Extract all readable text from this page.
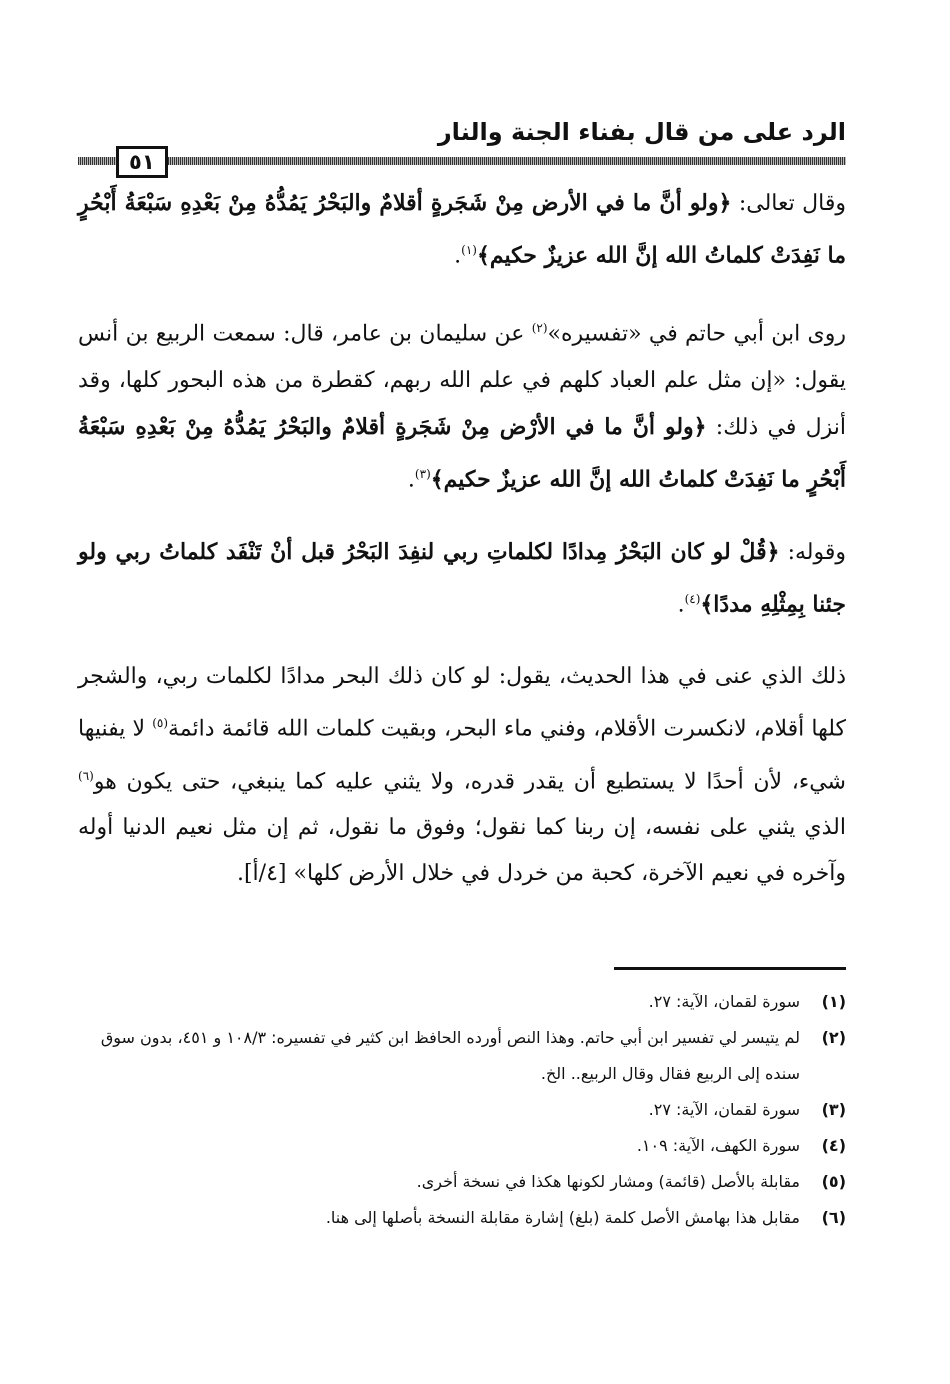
الرد على من قال بفناء الجنة والنار
٥١

وقال تعالى: ﴿ولو أنَّ ما في الأرض مِنْ شَجَرةٍ أقلامٌ والبَحْرُ يَمُدُّهُ مِنْ بَعْدِهِ سَبْعَةُ أَبْحُرٍ ما نَفِدَتْ كلماتُ الله إنَّ الله عزيزٌ حكيم﴾$^{(١)}$.

روى ابن أبي حاتم في «تفسيره»$^{(٢)}$ عن سليمان بن عامر، قال: سمعت الربيع بن أنس يقول: «إن مثل علم العباد كلهم في علم الله ربهم، كقطرة من هذه البحور كلها، وقد أنزل في ذلك: ﴿ولو أنَّ ما في الأرْض مِنْ شَجَرةٍ أقلامٌ والبَحْرُ يَمُدُّهُ مِنْ بَعْدِهِ سَبْعَةُ أَبْحُرٍ ما نَفِدَتْ كلماتُ الله إنَّ الله عزيزٌ حكيم﴾$^{(٣)}$.

وقوله: ﴿قُلْ لو كان البَحْرُ مِدادًا لكلماتِ ربي لنفِدَ البَحْرُ قبل أنْ تَنْفَد كلماتُ ربي ولو جئنا بِمِثْلِهِ مددًا﴾$^{(٤)}$.

ذلك الذي عنى في هذا الحديث، يقول: لو كان ذلك البحر مدادًا لكلمات ربي، والشجر كلها أقلام، لانكسرت الأقلام، وفني ماء البحر، وبقيت كلمات الله قائمة دائمة$^{(٥)}$ لا يفنيها شيء، لأن أحدًا لا يستطيع أن يقدر قدره، ولا يثني عليه كما ينبغي، حتى يكون هو$^{(٦)}$ الذي يثني على نفسه، إن ربنا كما نقول؛ وفوق ما نقول، ثم إن مثل نعيم الدنيا أوله وآخره في نعيم الآخرة، كحبة من خردل في خلال الأرض كلها» [٤/أ].

(١)
سورة لقمان، الآية: ٢٧.
(٢)
لم يتيسر لي تفسير ابن أبي حاتم. وهذا النص أورده الحافظ ابن كثير في تفسيره: ١٠٨/٣ و ٤٥١، بدون سوق سنده إلى الربيع فقال وقال الربيع.. الخ.
(٣)
سورة لقمان، الآية: ٢٧.
(٤)
سورة الكهف، الآية: ١٠٩.
(٥)
مقابلة بالأصل (قائمة) ومشار لكونها هكذا في نسخة أخرى.
(٦)
مقابل هذا بهامش الأصل كلمة (بلغ) إشارة مقابلة النسخة بأصلها إلى هنا.
